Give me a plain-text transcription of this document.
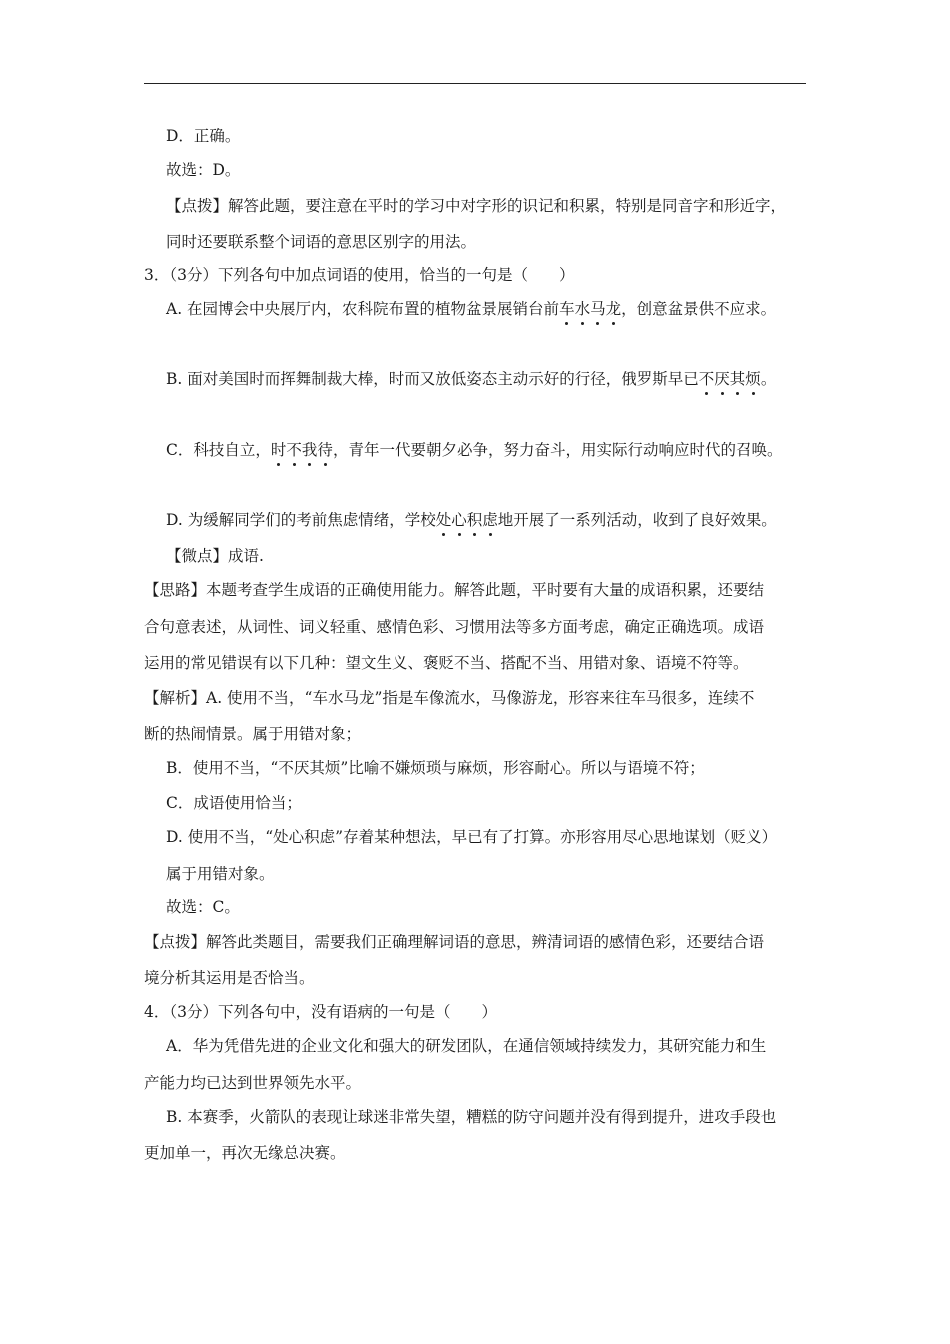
D．正确。
故选：D。
【点拨】解答此题，要注意在平时的学习中对字形的识记和积累，特别是同音字和形近字，
同时还要联系整个词语的意思区别字的用法。
3．（3分）下列各句中加点词语的使用，恰当的一句是（　　）
A. 在园博会中央展厅内，农科院布置的植物盆景展销台前车水马龙，创意盆景供不应求。
B. 面对美国时而挥舞制裁大棒，时而又放低姿态主动示好的行径，俄罗斯早已不厌其烦。
C．科技自立，时不我待，青年一代要朝夕必争，努力奋斗，用实际行动响应时代的召唤。
D. 为缓解同学们的考前焦虑情绪，学校处心积虑地开展了一系列活动，收到了良好效果。
【微点】成语.
【思路】本题考查学生成语的正确使用能力。解答此题，平时要有大量的成语积累，还要结
合句意表述，从词性、词义轻重、感情色彩、习惯用法等多方面考虑，确定正确选项。成语
运用的常见错误有以下几种：望文生义、褒贬不当、搭配不当、用错对象、语境不符等。
【解析】A. 使用不当，“车水马龙”指是车像流水，马像游龙，形容来往车马很多，连续不
断的热闹情景。属于用错对象；
B．使用不当，“不厌其烦”比喻不嫌烦琐与麻烦，形容耐心。所以与语境不符；
C．成语使用恰当；
D. 使用不当，“处心积虑”存着某种想法，早已有了打算。亦形容用尽心思地谋划（贬义）
属于用错对象。
故选：C。
【点拨】解答此类题目，需要我们正确理解词语的意思，辨清词语的感情色彩，还要结合语
境分析其运用是否恰当。
4．（3分）下列各句中，没有语病的一句是（　　）
A．华为凭借先进的企业文化和强大的研发团队，在通信领域持续发力，其研究能力和生
产能力均已达到世界领先水平。
B. 本赛季，火箭队的表现让球迷非常失望，糟糕的防守问题并没有得到提升，进攻手段也
更加单一，再次无缘总决赛。
